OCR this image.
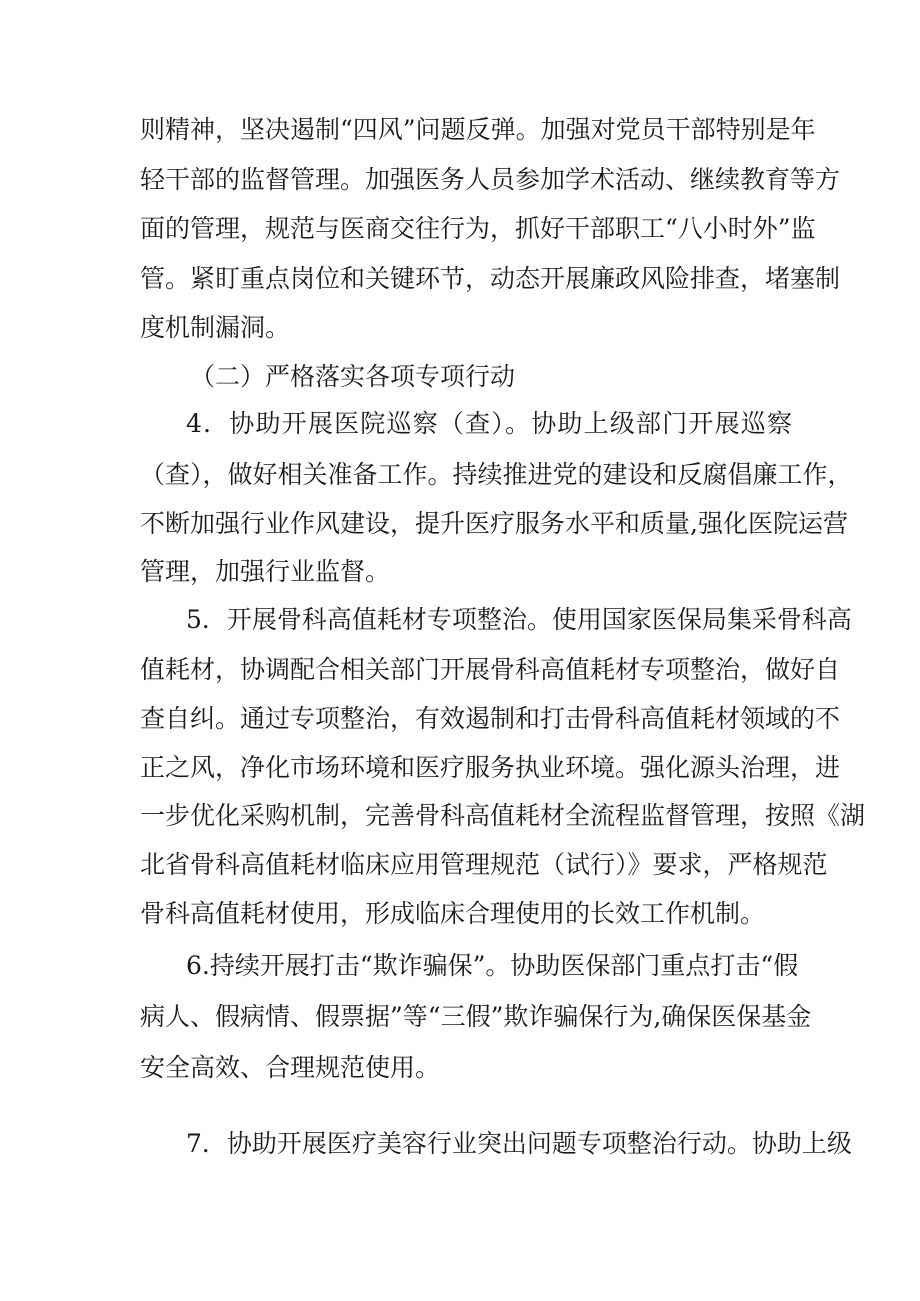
则精神，坚决遏制“四风”问题反弹。加强对党员干部特别是年

轻干部的监督管理。加强医务人员参加学术活动、继续教育等方

面的管理，规范与医商交往行为，抓好干部职工“八小时外”监

管。紧盯重点岗位和关键环节，动态开展廉政风险排查，堵塞制

度机制漏洞。

（二）严格落实各项专项行动

4．协助开展医院巡察（查）。协助上级部门开展巡察

（查），做好相关准备工作。持续推进党的建设和反腐倡廉工作，

不断加强行业作风建设，提升医疗服务水平和质量,强化医院运营

管理，加强行业监督。

5．开展骨科高值耗材专项整治。使用国家医保局集采骨科高

值耗材，协调配合相关部门开展骨科高值耗材专项整治，做好自

查自纠。通过专项整治，有效遏制和打击骨科高值耗材领域的不

正之风，净化市场环境和医疗服务执业环境。强化源头治理，进

一步优化采购机制，完善骨科高值耗材全流程监督管理，按照《湖

北省骨科高值耗材临床应用管理规范（试行）》要求，严格规范

骨科高值耗材使用，形成临床合理使用的长效工作机制。

6.持续开展打击“欺诈骗保”。协助医保部门重点打击“假

病人、假病情、假票据”等“三假”欺诈骗保行为,确保医保基金

安全高效、合理规范使用。

7．协助开展医疗美容行业突出问题专项整治行动。协助上级
